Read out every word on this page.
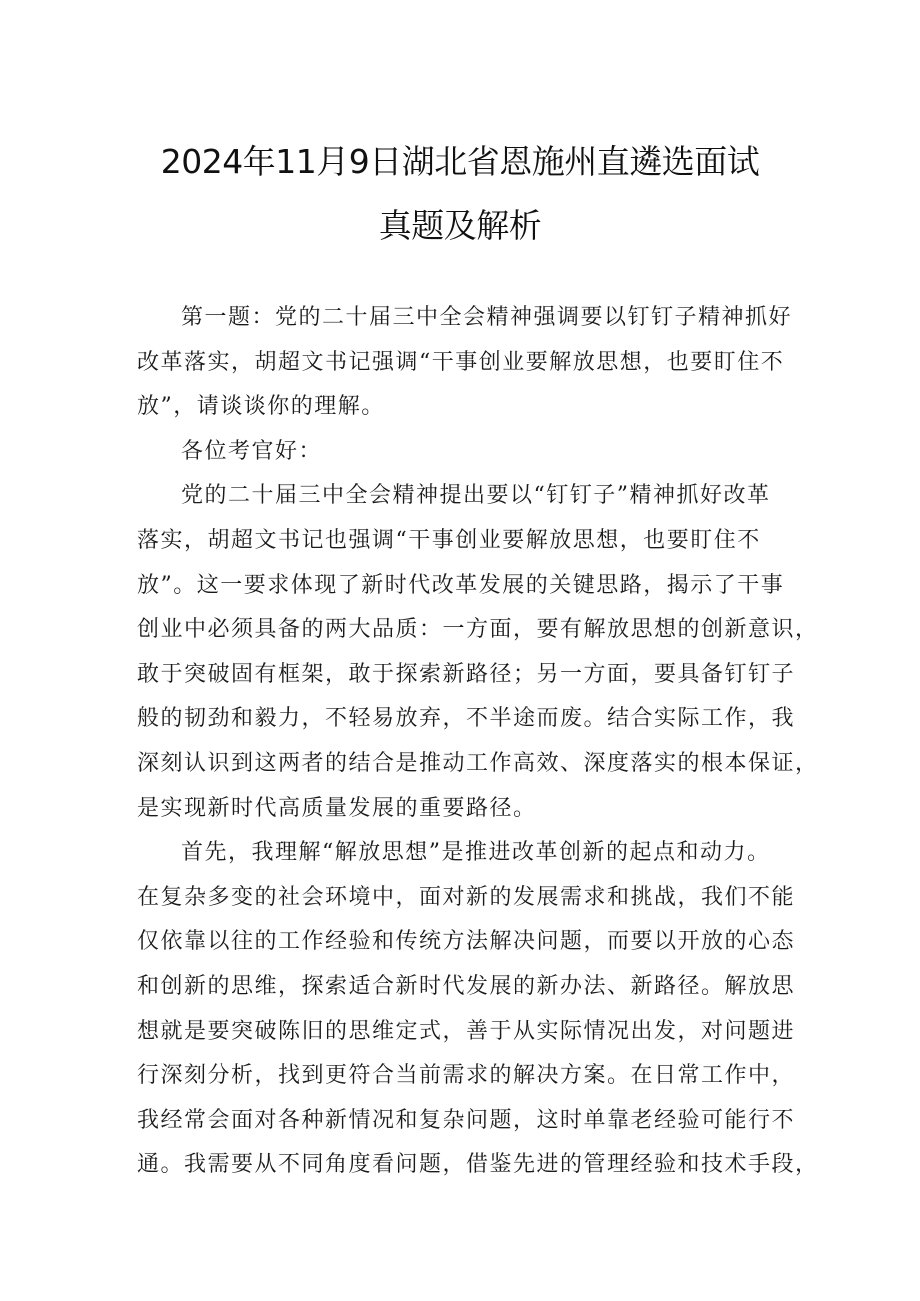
2024年11月9日湖北省恩施州直遴选面试
真题及解析
第一题：党的二十届三中全会精神强调要以钉钉子精神抓好
改革落实，胡超文书记强调“干事创业要解放思想，也要盯住不
放”，请谈谈你的理解。
各位考官好：
党的二十届三中全会精神提出要以“钉钉子”精神抓好改革
落实，胡超文书记也强调“干事创业要解放思想，也要盯住不
放”。这一要求体现了新时代改革发展的关键思路，揭示了干事
创业中必须具备的两大品质：一方面，要有解放思想的创新意识，
敢于突破固有框架，敢于探索新路径；另一方面，要具备钉钉子
般的韧劲和毅力，不轻易放弃，不半途而废。结合实际工作，我
深刻认识到这两者的结合是推动工作高效、深度落实的根本保证，
是实现新时代高质量发展的重要路径。
首先，我理解“解放思想”是推进改革创新的起点和动力。
在复杂多变的社会环境中，面对新的发展需求和挑战，我们不能
仅依靠以往的工作经验和传统方法解决问题，而要以开放的心态
和创新的思维，探索适合新时代发展的新办法、新路径。解放思
想就是要突破陈旧的思维定式，善于从实际情况出发，对问题进
行深刻分析，找到更符合当前需求的解决方案。在日常工作中，
我经常会面对各种新情况和复杂问题，这时单靠老经验可能行不
通。我需要从不同角度看问题，借鉴先进的管理经验和技术手段，
